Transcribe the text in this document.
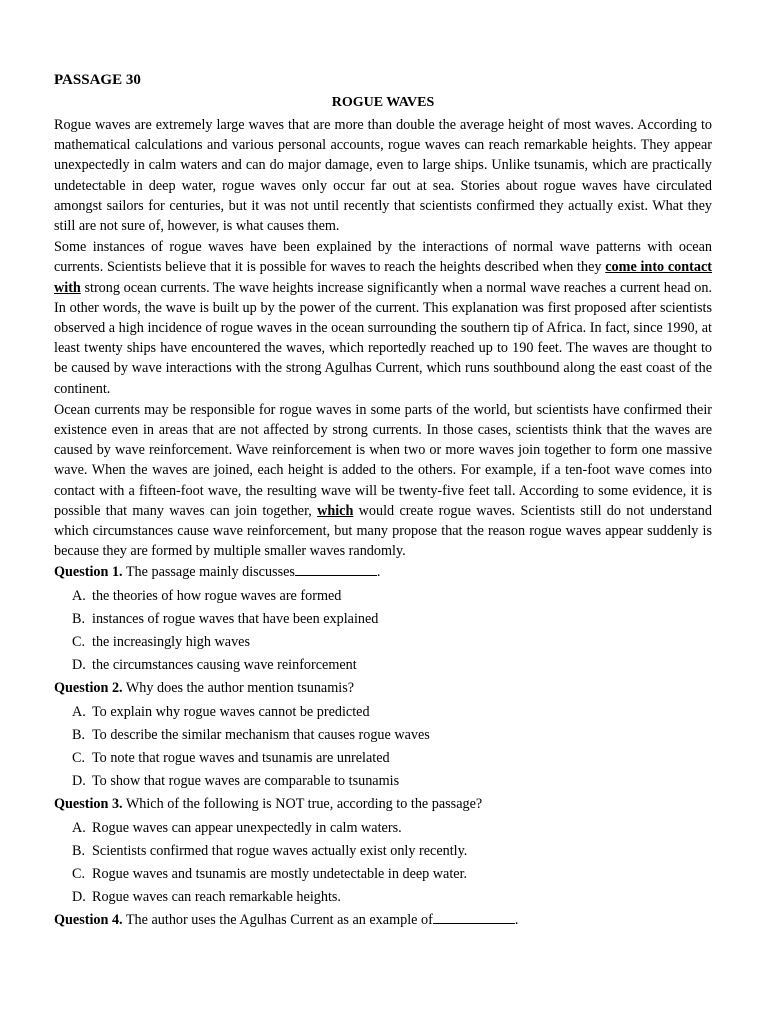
PASSAGE 30

ROGUE WAVES

Rogue waves are extremely large waves that are more than double the average height of most waves. According to mathematical calculations and various personal accounts, rogue waves can reach remarkable heights. They appear unexpectedly in calm waters and can do major damage, even to large ships. Unlike tsunamis, which are practically undetectable in deep water, rogue waves only occur far out at sea. Stories about rogue waves have circulated amongst sailors for centuries, but it was not until recently that scientists confirmed they actually exist. What they still are not sure of, however, is what causes them.

Some instances of rogue waves have been explained by the interactions of normal wave patterns with ocean currents. Scientists believe that it is possible for waves to reach the heights described when they come into contact with strong ocean currents. The wave heights increase significantly when a normal wave reaches a current head on. In other words, the wave is built up by the power of the current. This explanation was first proposed after scientists observed a high incidence of rogue waves in the ocean surrounding the southern tip of Africa. In fact, since 1990, at least twenty ships have encountered the waves, which reportedly reached up to 190 feet. The waves are thought to be caused by wave interactions with the strong Agulhas Current, which runs southbound along the east coast of the continent.

Ocean currents may be responsible for rogue waves in some parts of the world, but scientists have confirmed their existence even in areas that are not affected by strong currents. In those cases, scientists think that the waves are caused by wave reinforcement. Wave reinforcement is when two or more waves join together to form one massive wave. When the waves are joined, each height is added to the others. For example, if a ten-foot wave comes into contact with a fifteen-foot wave, the resulting wave will be twenty-five feet tall. According to some evidence, it is possible that many waves can join together, which would create rogue waves. Scientists still do not understand which circumstances cause wave reinforcement, but many propose that the reason rogue waves appear suddenly is because they are formed by multiple smaller waves randomly.

Question 1. The passage mainly discusses	.
A. the theories of how rogue waves are formed
B. instances of rogue waves that have been explained
C. the increasingly high waves
D. the circumstances causing wave reinforcement
Question 2. Why does the author mention tsunamis?
A. To explain why rogue waves cannot be predicted
B. To describe the similar mechanism that causes rogue waves
C. To note that rogue waves and tsunamis are unrelated
D. To show that rogue waves are comparable to tsunamis
Question 3. Which of the following is NOT true, according to the passage?
A. Rogue waves can appear unexpectedly in calm waters.
B. Scientists confirmed that rogue waves actually exist only recently.
C. Rogue waves and tsunamis are mostly undetectable in deep water.
D. Rogue waves can reach remarkable heights.
Question 4. The author uses the Agulhas Current as an example of	.
